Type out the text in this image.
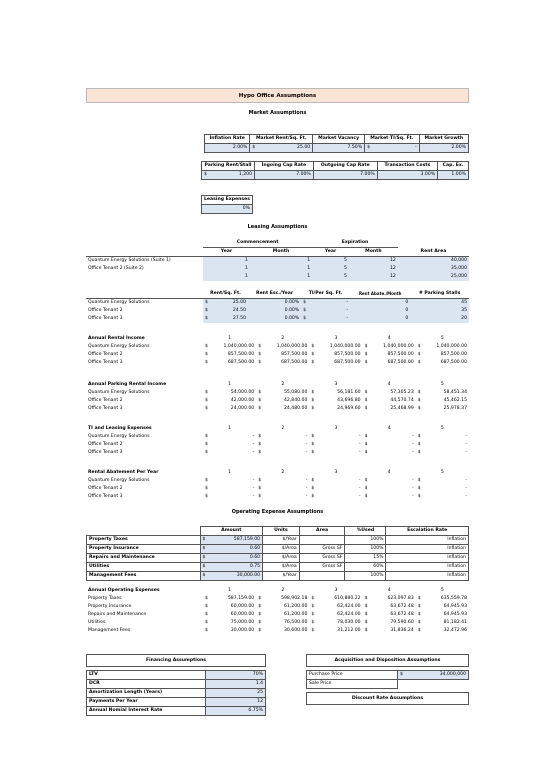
Hypo Office Assumptions
Market Assumptions
Inflation Rate	Market Rent/Sq. Ft.	Market Vacancy	Market TI/Sq. Ft.	Market Growth
2.00%	$ 25.00	7.50%	$ -	2.00%
Parking Rent/Stall	Ingoing Cap Rate	Outgoing Cap Rate	Transaction Costs	Cap. Ex.

$ 1,200	7.00%	7.00%	3.00%	1.00%
Leasing Expenses
0%
Leasing Assumptions
	Commencement		Expiration		
	Year	Month	Year	Month	Rent Area
Quantum Energy Solutions (Suite 1)	1	1	5	12	40,000
Office Tenant 2 (Suite 2)	1	1	5	12	35,000
	1	1	5	12	25,000
	Rent/Sq. Ft.	Rent Esc./Year	TI/Per Sq. Ft.	Rent Abate./Month	# Parking Stalls
Quantum Energy Solutions	$ 25.00	0.00%	$ -	0	45
Office Tenant 2	$ 24.50	0.00%	$ -	0	35
Office Tenant 3	$ 27.50	0.00%	$ -	0	20
Annual Rental Income	1	2	3	4	5
Quantum Energy Solutions	$ 1,040,000.00	$ 1,040,000.00	$ 1,040,000.00	$ 1,040,000.00	$ 1,040,000.00

Office Tenant 2	$ 857,500.00	$ 857,500.00	$ 857,500.00	$ 857,500.00	$ 857,500.00

Office Tenant 3	$ 687,500.00	$ 687,500.00	$ 687,500.00	$ 687,500.00	$ 687,500.00
Annual Parking Rental Income	1	2	3	4	5
Quantum Energy Solutions	$ 54,000.00	$ 55,080.00	$ 56,181.60	$ 57,305.23	$ 58,451.34

Office Tenant 2	$ 42,000.00	$ 42,840.00	$ 43,696.80	$ 44,570.74	$ 45,462.15

Office Tenant 3	$ 24,000.00	$ 24,480.00	$ 24,969.60	$ 25,468.99	$ 25,978.37
TI and Leasing Expenses	1	2	3	4	5
Quantum Energy Solutions	$ -	$ -	$ -	$ -	$ -

Office Tenant 2	$ -	$ -	$ -	$ -	$ -

Office Tenant 3	$ -	$ -	$ -	$ -	$ -
Rental Abatement Per Year	1	2	3	4	5
Quantum Energy Solutions	$ -	$ -	$ -	$ -	$ -

Office Tenant 2	$ -	$ -	$ -	$ -	$ -

Office Tenant 3	$ -	$ -	$ -	$ -	$ -
Operating Expense Assumptions
	Amount	Units	Area	%Used	Escalation Rate
Property Taxes	$ 587,159.00	$/Year		100%	Inflation
Property Insurance	$ 0.60	$/Area	Gross SF	100%	Inflation
Repairs and Maintenance	$ 0.60	$/Area	Gross SF	15%	Inflation
Utilities	$ 0.75	$/Area	Gross SF	60%	Inflation
Management Fees	$ 30,000.00	$/Year		100%	Inflation
Annual Operating Expenses	1	2	3	4	5
Property Taxes	$ 587,159.00	$ 598,902.18	$ 610,880.22	$ 623,097.83	$ 635,559.78

Property Insurance	$ 60,000.00	$ 61,200.00	$ 62,424.00	$ 63,672.48	$ 64,945.93

Repairs and Maintenance	$ 60,000.00	$ 61,200.00	$ 62,424.00	$ 63,672.48	$ 64,945.93

Utilities	$ 75,000.00	$ 76,500.00	$ 78,030.00	$ 79,590.60	$ 81,182.41

Management Fees	$ 30,000.00	$ 30,600.00	$ 31,212.00	$ 31,836.24	$ 32,472.96
Financing Assumptions	

LTV	70%
DCR	1.4
Amortization Length (Years)	25
Payments Per Year	12
Annual Nomial Interest Rate	6.75%
Acquisition and Disposition Assumptions	

Purchase Price	$ 34,000,000

Sale Price	
Discount Rate Assumptions
